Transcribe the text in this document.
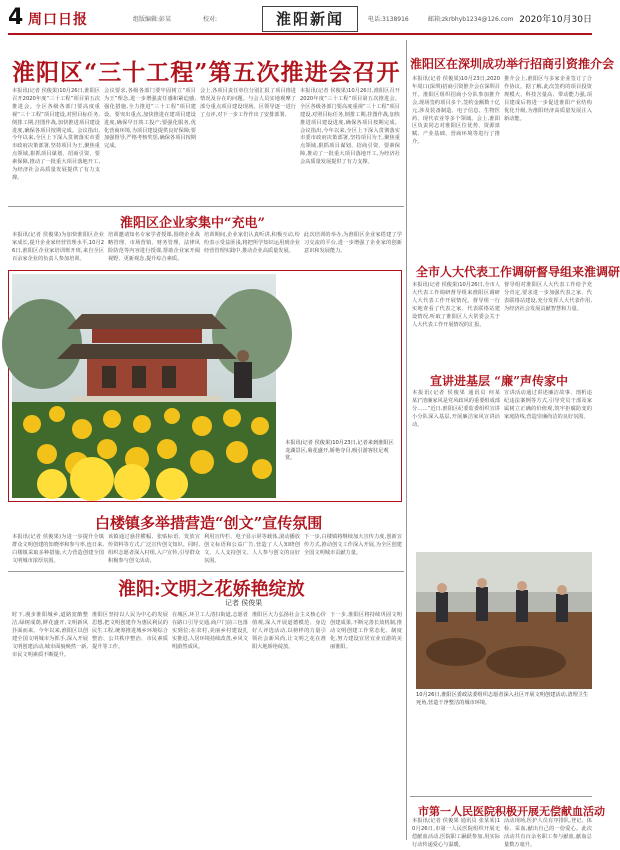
4 周口日报	组版编辑:彭某	校对:	淮阳新闻	电话:3138916	邮箱:zkrbhyb1234@126.com 2020年10月30日
淮阳区“三十工程”第五次推进会召开
本报讯(记者 侯俊果)10月26日,淮阳区召开2020年度“三十工程”项目第五次推进会。全区各级各部门要高度重视“三十工程”项目建设,对照目标任务,倒排工期,挂图作战,加快推进项目建设进度,确保各项目按期完成。会议指出,今年以来,全区上下深入贯彻落实市委市政府决策部署,坚持项目为王,聚焦重点领域,狠抓项目谋划、招商引资、要素保障,推动了一批重大项目落地开工,为经济社会高质量发展提供了有力支撑。
会议要求,各级各部门要牢固树立“项目为王”理念,进一步增强责任感和紧迫感,强化措施,全力推进“三十工程”项目建设。要突出重点,加快推进在建项目建设进度,确保早日竣工投产;要强化服务,优化营商环境,为项目建设提供良好保障;要加强督导,严格考核奖惩,确保各项目按期完成。
会上,各项目责任单位分别汇报了项目推进情况及存在的问题。与会人员实地观摩了部分重点项目建设现场。区领导逐一进行了点评,对下一步工作作出了安排部署。
本报讯(记者 侯俊果)10月26日,淮阳区召开2020年度“三十工程”项目第五次推进会。全区各级各部门要高度重视“三十工程”项目建设,对照目标任务,倒排工期,挂图作战,加快推进项目建设进度,确保各项目按期完成。会议指出,今年以来,全区上下深入贯彻落实市委市政府决策部署,坚持项目为王,聚焦重点领域,狠抓项目谋划、招商引资、要素保障,推动了一批重大项目落地开工,为经济社会高质量发展提供了有力支撑。
淮阳区在深圳成功举行招商引资推介会
本报讯(记者 侯俊果)10月23日,2020年周口(深圳)招商引资推介会在深圳召开。淮阳区组织招商小分队参加推介会,现场签约项目多个,签约金额数十亿元,涉及装备制造、电子信息、生物医药、现代农业等多个领域。会上,淮阳区负责同志对淮阳区位优势、资源禀赋、产业基础、营商环境等进行了推介。
推介会上,淮阳区与多家企业签订了合作协议。据了解,此次签约的项目投资规模大、科技含量高、带动能力强,项目建成后将进一步促进淮阳产业结构优化升级,为淮阳经济高质量发展注入新动能。
淮阳区企业家集中“充电”
本报讯(记者 侯俊果)为加快淮阳区企业家成长,提升企业家经营管理水平,10月26日,淮阳区企业家培训班开班,来自全区百余家企业的负责人参加培训。
培训邀请知名专家学者授课,围绕企业战略管理、市场营销、财务管理、法律风险防范等内容进行授课,帮助企业家开阔视野、更新观念,提升综合素质。
培训期间,企业家们认真听讲,积极互动,纷纷表示受益匪浅,将把所学知识运用到企业经营管理实践中,推动企业高质量发展。
此次培训的举办,为淮阳区企业家搭建了学习交流的平台,进一步增强了企业家的创新意识和发展能力。
本报讯(记者 侯俊果)10月23日,记者来到淮阳区龙湖景区,菊花盛开,娇艳夺目,吸引游客驻足观赏。
全市人大代表工作调研督导组来淮调研
本报讯(记者 侯俊果)10月26日,全市人大代表工作调研督导组来淮阳区调研人大代表工作开展情况。督导组一行实地查看了代表之家、代表联络站建设情况,听取了淮阳区人大常委会关于人大代表工作开展情况的汇报。
督导组对淮阳区人大代表工作给予充分肯定,要求进一步加强代表之家、代表联络站建设,充分发挥人大代表作用,为经济社会发展贡献智慧和力量。
宣讲进基层 “廉”声传家中
本报讯(记者 侯俊果 通讯员 何某某)“清廉家风是党风政风的重要组成部分……”近日,淮阳区纪委监委组织宣讲小分队深入基层,开展廉洁家风宣讲活动。
宣讲活动通过讲述廉洁故事、剖析违纪违法案例等方式,引导党员干部及家属树立正确的价值观,筑牢拒腐防变的家庭防线,营造崇廉尚洁的良好氛围。
白楼镇多举措营造“创文”宣传氛围
本报讯(记者 侯俊果)为进一步提升全镇群众文明创建的知晓率和参与率,连日来,白楼镇采取多种措施,大力营造创建全国文明城市浓厚氛围。
该镇通过悬挂横幅、张贴标语、发放宣传资料等方式,广泛宣传创文知识。同时,组织志愿者深入村组,入户宣传,引导群众积极参与创文活动。
利用宣传栏、电子显示屏等载体,滚动播放创文标语和公益广告,营造了人人知晓创文、人人支持创文、人人参与创文的良好氛围。
下一步,白楼镇将继续加大宣传力度,创新宣传方式,推动创文工作深入开展,为全区创建全国文明城市贡献力量。
淮阳:文明之花娇艳绽放
记者 侯俊果
时下,漫步淮阳城乡,道路宽敞整洁,绿树成荫,鲜花盛开,文明新风扑面而来。今年以来,淮阳区以创建全国文明城市为抓手,深入开展文明创建活动,城市面貌焕然一新,市民文明素质不断提升。
淮阳区坚持以人民为中心的发展思想,把文明创建作为惠民利民的民生工程,统筹推进城乡环境综合整治、公共秩序整治、市民素质提升等工作。
在城区,环卫工人清扫街道,志愿者在路口引导交通,商户门前三包落实到位;在农村,美丽乡村建设扎实推进,人居环境持续改善,乡风文明蔚然成风。
淮阳区大力弘扬社会主义核心价值观,深入开展道德模范、身边好人评选活动,以榜样的力量引领社会新风尚,让文明之花在淮阳大地娇艳绽放。
下一步,淮阳区将持续巩固文明创建成果,不断完善长效机制,推动文明创建工作常态化、制度化,努力建设宜居宜业宜游的美丽淮阳。
10月26日,淮阳区委政法委组织志愿者深入社区开展文明创建活动,清理卫生死角,营造干净整洁的城市环境。
市第一人民医院积极开展无偿献血活动
本报讯(记者 侯俊果 通讯员 张某某)10月26日,市第一人民医院组织开展无偿献血活动,医院职工踊跃参加,用实际行动传递爱心与温暖。
活动现场,医护人员有序排队,登记、体检、采血,献出自己的一份爱心。此次活动共有百余名职工参与献血,献血总量数万毫升。
